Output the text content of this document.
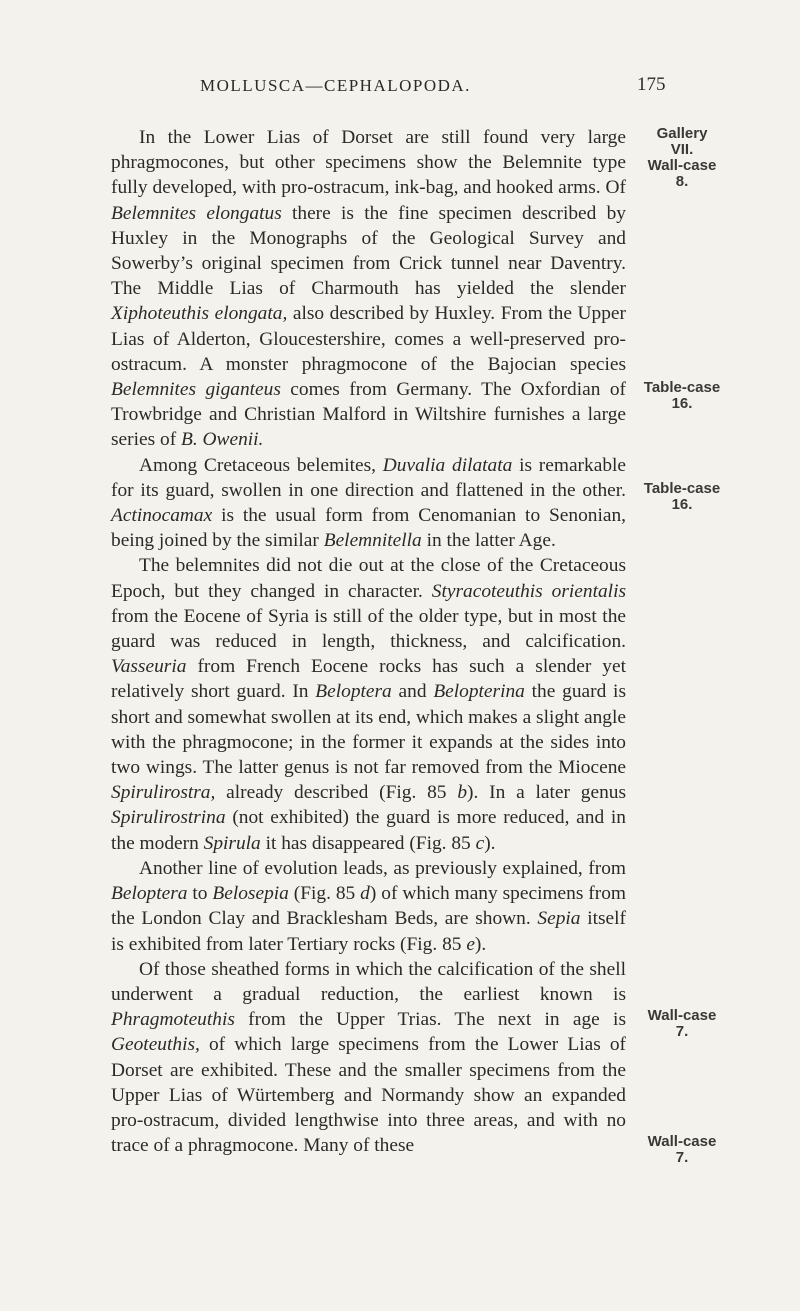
MOLLUSCA—CEPHALOPODA.	175

In the Lower Lias of Dorset are still found very large phragmocones, but other specimens show the Belemnite type fully developed, with pro-ostracum, ink-bag, and hooked arms. Of Belemnites elongatus there is the fine specimen described by Huxley in the Monographs of the Geological Survey and Sowerby’s original specimen from Crick tunnel near Daventry. The Middle Lias of Charmouth has yielded the slender Xiphoteuthis elongata, also described by Huxley. From the Upper Lias of Alderton, Gloucestershire, comes a well-preserved pro-ostracum. A monster phragmocone of the Bajocian species Belemnites giganteus comes from Germany. The Oxfordian of Trowbridge and Christian Malford in Wiltshire furnishes a large series of B. Owenii.

Among Cretaceous belemites, Duvalia dilatata is remarkable for its guard, swollen in one direction and flattened in the other. Actinocamax is the usual form from Cenomanian to Senonian, being joined by the similar Belemnitella in the latter Age.

The belemnites did not die out at the close of the Cretaceous Epoch, but they changed in character. Styracoteuthis orientalis from the Eocene of Syria is still of the older type, but in most the guard was reduced in length, thickness, and calcification. Vasseuria from French Eocene rocks has such a slender yet relatively short guard. In Beloptera and Belopterina the guard is short and somewhat swollen at its end, which makes a slight angle with the phragmocone; in the former it expands at the sides into two wings. The latter genus is not far removed from the Miocene Spirulirostra, already described (Fig. 85 b). In a later genus Spirulirostrina (not exhibited) the guard is more reduced, and in the modern Spirula it has disappeared (Fig. 85 c).

Another line of evolution leads, as previously explained, from Beloptera to Belosepia (Fig. 85 d) of which many specimens from the London Clay and Bracklesham Beds, are shown. Sepia itself is exhibited from later Tertiary rocks (Fig. 85 e).

Of those sheathed forms in which the calcification of the shell underwent a gradual reduction, the earliest known is Phragmoteuthis from the Upper Trias. The next in age is Geoteuthis, of which large specimens from the Lower Lias of Dorset are exhibited. These and the smaller specimens from the Upper Lias of Würtemberg and Normandy show an expanded pro-ostracum, divided lengthwise into three areas, and with no trace of a phragmocone. Many of these

Gallery
VII.
Wall-case
8.
Table-case
16.
Table-case
16.
Wall-case
7.
Wall-case
7.
